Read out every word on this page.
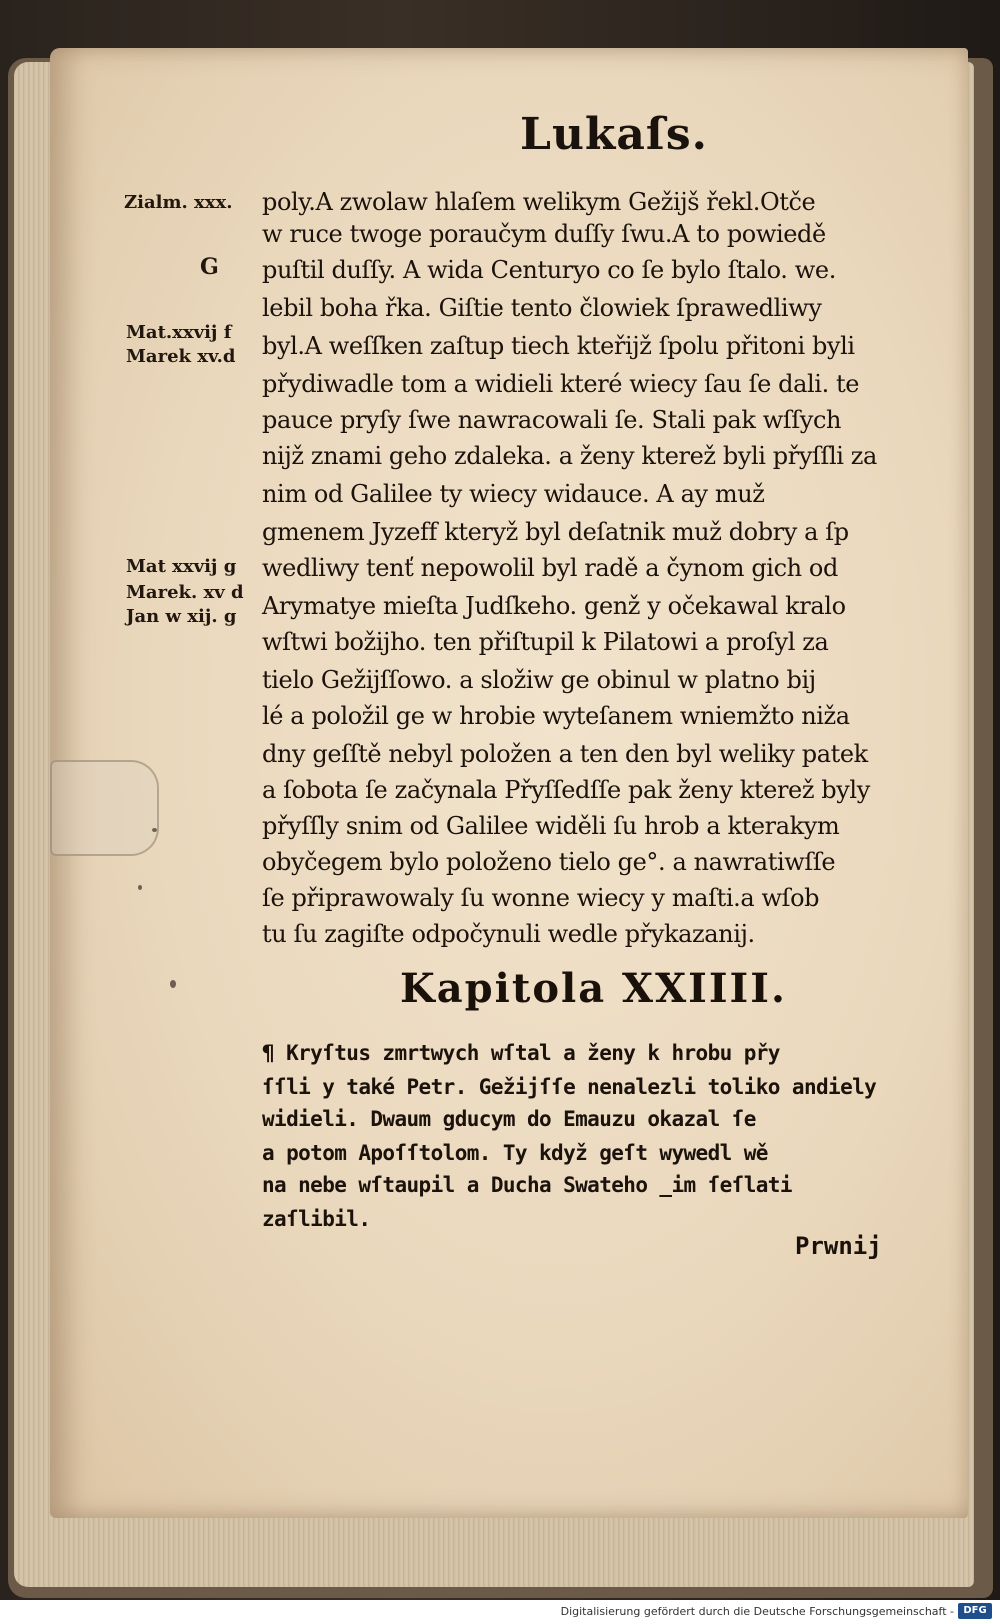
Lukaſs.
Zialm. xxx.
G
Mat.xxvij f
Marek xv.d
Mat xxvij g
Marek. xv d
Jan w xij. g
poly.A zwolaw hlaſem welikym Gežijš řekl.Otče
w ruce twoge poraučym duſſy ſwu.A to powiedě
puſtil duſſy. A wida Centuryo co ſe bylo ſtalo. we.
lebil boha řka. Giſtie tento člowiek ſprawedliwy
byl.A weſſken zaſtup tiech kteřijž ſpolu přitoni byli
přydiwadle tom a widieli které wiecy ſau ſe dali. te
pauce pryſy ſwe nawracowali ſe. Stali pak wſſych
nijž znami geho zdaleka. a ženy kterež byli přyſſli za
nim od Galilee ty wiecy widauce. A ay muž
gmenem Jyzeff kteryž byl deſatnik muž dobry a ſp
wedliwy tenť nepowolil byl radě a čynom gich od
Arymatye mieſta Judſkeho. genž y očekawal kralo
wſtwi božijho. ten přiſtupil k Pilatowi a proſyl za
tielo Gežijſſowo. a složiw ge obinul w platno bij
lé a položil ge w hrobie wyteſanem wniemžto niža
dny geſſtě nebyl položen a ten den byl weliky patek
a ſobota ſe začynala Přyſſedſſe pak ženy kterež byly
přyſſly snim od Galilee widěli ſu hrob a kterakym
obyčegem bylo položeno tielo ge°. a nawratiwſſe
ſe připrawowaly ſu wonne wiecy y maſti.a wſob
tu ſu zagiſte odpočynuli wedle přykazanij.
Kapitola XXIIII.
¶ Kryſtus zmrtwych wſtal a ženy k hrobu přy
ſſli y také Petr. Gežijſſe nenalezli toliko andiely
widieli. Dwaum gducym do Emauzu okazal ſe
a potom Apoſſtolom. Ty když geſt wywedl wě
na nebe wſtaupil a Ducha Swateho _im ſeſlati
zaſlibil.
Prwnij
Digitalisierung gefördert durch die Deutsche Forschungsgemeinschaft - DFG
